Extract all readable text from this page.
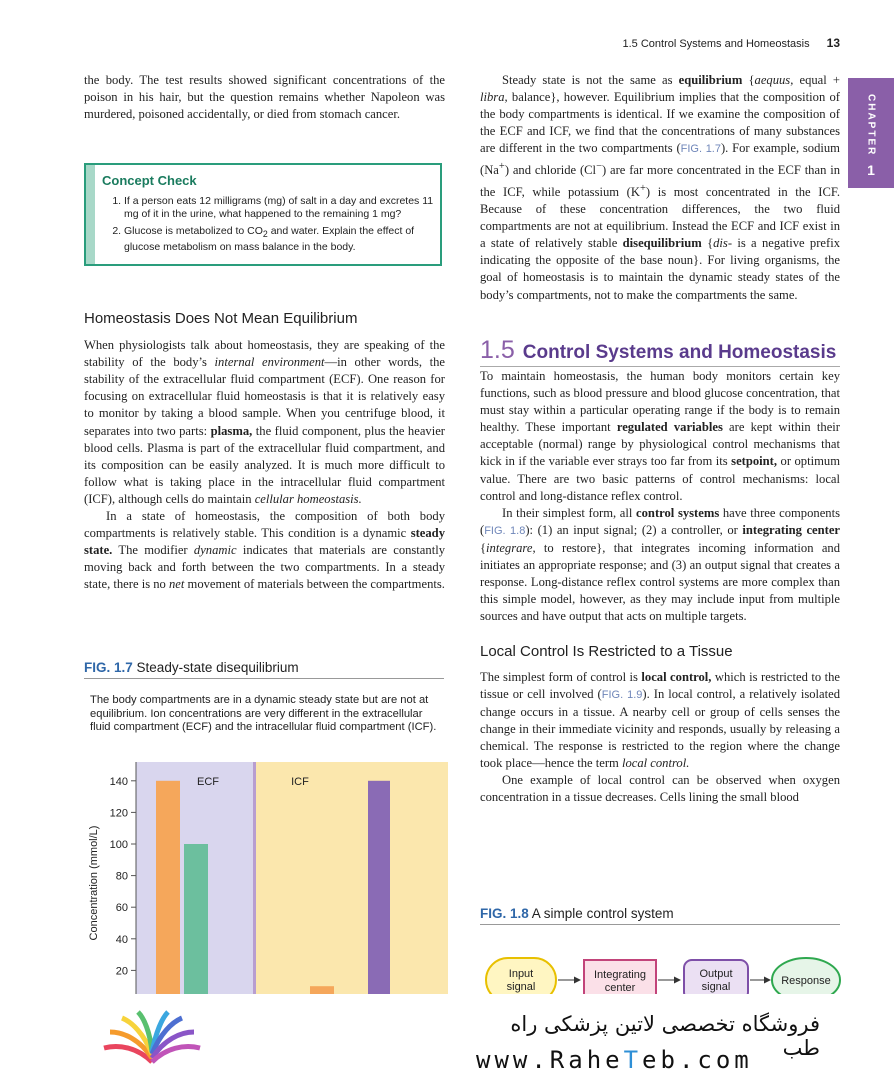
1.5 Control Systems and Homeostasis 13
CHAPTER
1

the body. The test results showed significant concentrations of the poison in his hair, but the question remains whether Napoleon was murdered, poisoned accidentally, or died from stomach cancer.

Concept Check
1. If a person eats 12 milligrams (mg) of salt in a day and excretes 11 mg of it in the urine, what happened to the remaining 1 mg?
2. Glucose is metabolized to $CO_2$ and water. Explain the effect of glucose metabolism on mass balance in the body.

Homeostasis Does Not Mean Equilibrium

When physiologists talk about homeostasis, they are speaking of the stability of the body’s internal environment—in other words, the stability of the extracellular fluid compartment (ECF). One reason for focusing on extracellular fluid homeostasis is that it is relatively easy to monitor by taking a blood sample. When you centrifuge blood, it separates into two parts: plasma, the fluid component, plus the heavier blood cells. Plasma is part of the extracellular fluid compartment, and its composition can be easily analyzed. It is much more difficult to follow what is taking place in the intracellular fluid compartment (ICF), although cells do maintain cellular homeostasis.

In a state of homeostasis, the composition of both body compartments is relatively stable. This condition is a dynamic steady state. The modifier dynamic indicates that materials are constantly moving back and forth between the two compartments. In a steady state, there is no net movement of materials between the compartments.

FIG. 1.7 Steady-state disequilibrium
The body compartments are in a dynamic steady state but are not at equilibrium. Ion concentrations are very different in the extracellular fluid compartment (ECF) and the intracellular fluid compartment (ICF).
ECF	ICF
20
40
60
80
100
120
140
Concentration (mmol/L)

Steady state is not the same as equilibrium {aequus, equal + libra, balance}, however. Equilibrium implies that the composition of the body compartments is identical. If we examine the composition of the ECF and ICF, we find that the concentrations of many substances are different in the two compartments (FIG. 1.7). For example, sodium (Na+) and chloride (Cl−) are far more concentrated in the ECF than in the ICF, while potassium (K+) is most concentrated in the ICF. Because of these concentration differences, the two fluid compartments are not at equilibrium. Instead the ECF and ICF exist in a state of relatively stable disequilibrium {dis- is a negative prefix indicating the opposite of the base noun}. For living organisms, the goal of homeostasis is to maintain the dynamic steady states of the body’s compartments, not to make the compartments the same.

1.5 Control Systems and Homeostasis

To maintain homeostasis, the human body monitors certain key functions, such as blood pressure and blood glucose concentration, that must stay within a particular operating range if the body is to remain healthy. These important regulated variables are kept within their acceptable (normal) range by physiological control mechanisms that kick in if the variable ever strays too far from its setpoint, or optimum value. There are two basic patterns of control mechanisms: local control and long-distance reflex control.

In their simplest form, all control systems have three components (FIG. 1.8): (1) an input signal; (2) a controller, or integrating center {integrare, to restore}, that integrates incoming information and initiates an appropriate response; and (3) an output signal that creates a response. Long-distance reflex control systems are more complex than this simple model, however, as they may include input from multiple sources and have output that acts on multiple targets.

Local Control Is Restricted to a Tissue

The simplest form of control is local control, which is restricted to the tissue or cell involved (FIG. 1.9). In local control, a relatively isolated change occurs in a tissue. A nearby cell or group of cells senses the change in their immediate vicinity and responds, usually by releasing a chemical. The response is restricted to the region where the change took place—hence the term local control.

One example of local control can be observed when oxygen concentration in a tissue decreases. Cells lining the small blood

FIG. 1.8 A simple control system
Input
signal
Integrating
center
Output
signal	Response
فروشگاه تخصصی لاتین پزشکی راه طب
www.RaheTeb.com
